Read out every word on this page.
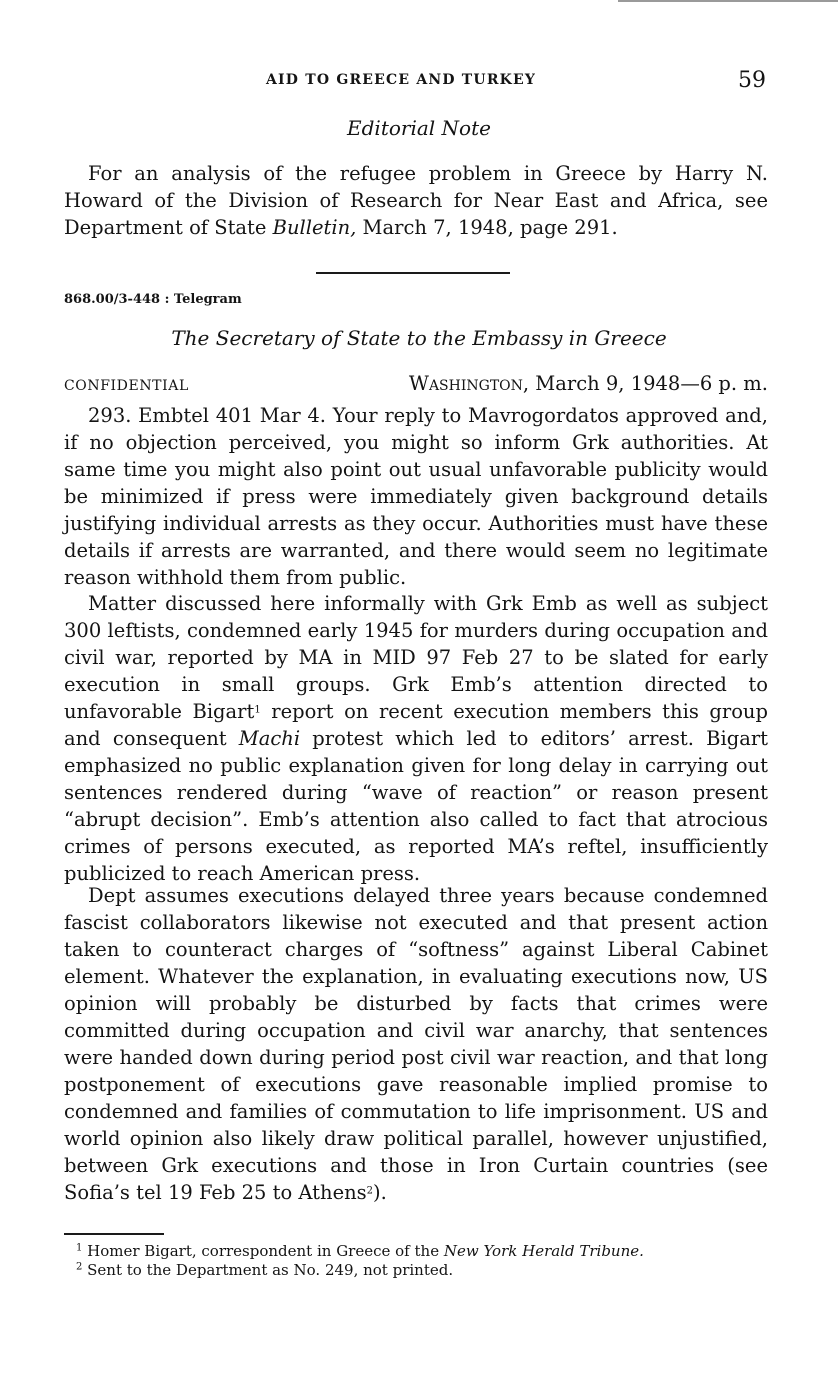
AID TO GREECE AND TURKEY	59
Editorial Note

For an analysis of the refugee problem in Greece by Harry N. Howard of the Division of Research for Near East and Africa, see Department of State Bulletin, March 7, 1948, page 291.

868.00/3-448 : Telegram
The Secretary of State to the Embassy in Greece
CONFIDENTIAL	Washington, March 9, 1948—6 p. m.

293. Embtel 401 Mar 4. Your reply to Mavrogordatos approved and, if no objection perceived, you might so inform Grk authorities. At same time you might also point out usual unfavorable publicity would be minimized if press were immediately given background details justifying individual arrests as they occur. Authorities must have these details if arrests are warranted, and there would seem no legitimate reason withhold them from public.

Matter discussed here informally with Grk Emb as well as subject 300 leftists, condemned early 1945 for murders during occupation and civil war, reported by MA in MID 97 Feb 27 to be slated for early execution in small groups. Grk Emb’s attention directed to unfavorable Bigart$^1$ report on recent execution members this group and consequent Machi protest which led to editors’ arrest. Bigart emphasized no public explanation given for long delay in carrying out sentences rendered during “wave of reaction” or reason present “abrupt decision”. Emb’s attention also called to fact that atrocious crimes of persons executed, as reported MA’s reftel, insufficiently publicized to reach American press.

Dept assumes executions delayed three years because condemned fascist collaborators likewise not executed and that present action taken to counteract charges of “softness” against Liberal Cabinet element. Whatever the explanation, in evaluating executions now, US opinion will probably be disturbed by facts that crimes were committed during occupation and civil war anarchy, that sentences were handed down during period post civil war reaction, and that long postponement of executions gave reasonable implied promise to condemned and families of commutation to life imprisonment. US and world opinion also likely draw political parallel, however unjustified, between Grk executions and those in Iron Curtain countries (see Sofia’s tel 19 Feb 25 to Athens$^2$).

$^1$ Homer Bigart, correspondent in Greece of the New York Herald Tribune.
$^2$ Sent to the Department as No. 249, not printed.
